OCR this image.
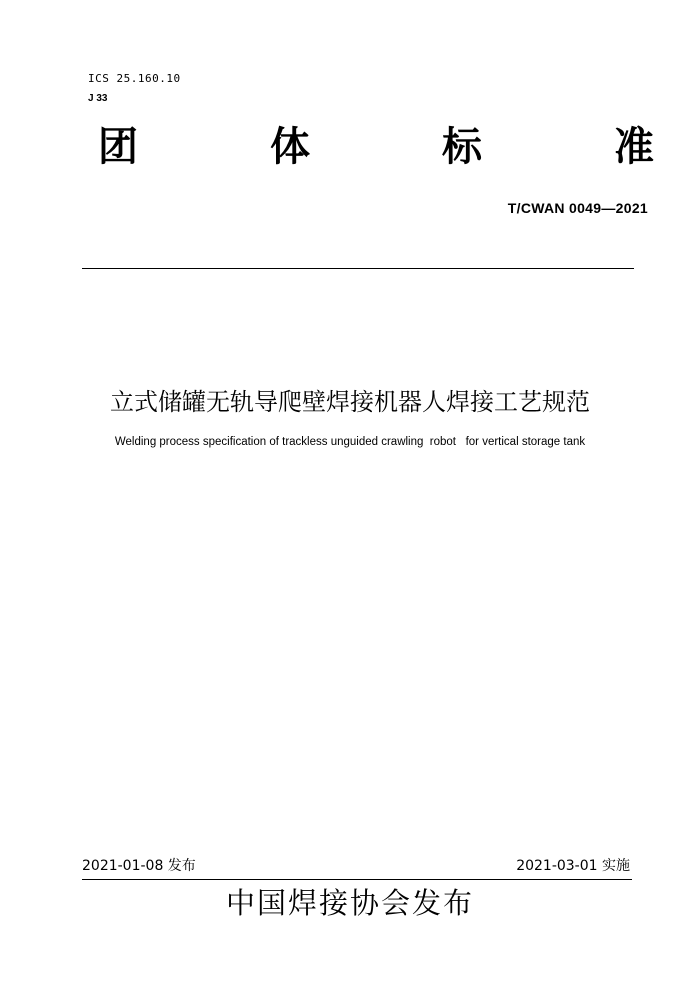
ICS 25.160.10
J 33
团	体	标	准
T/CWAN 0049—2021
立式储罐无轨导爬壁焊接机器人焊接工艺规范
Welding process specification of trackless unguided crawling  robot   for vertical storage tank
2021-01-08 发布	2021-03-01 实施
中国焊接协会发布
